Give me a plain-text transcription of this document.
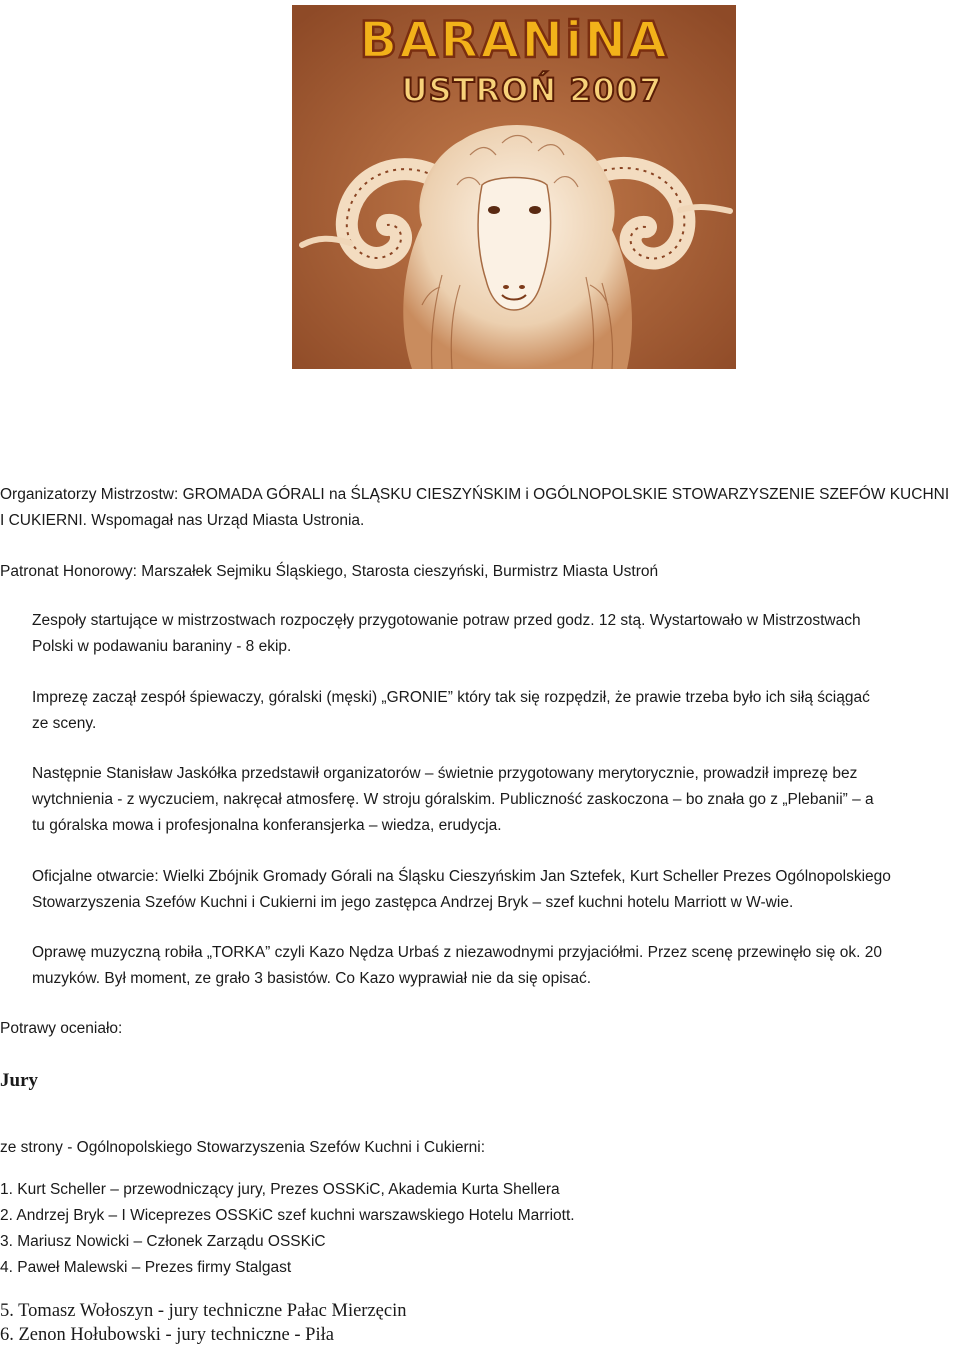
BARANiNA
USTROŃ 2007
Organizatorzy Mistrzostw: GROMADA GÓRALI na ŚLĄSKU CIESZYŃSKIM i OGÓLNOPOLSKIE STOWARZYSZENIE SZEFÓW KUCHNI
I CUKIERNI. Wspomagał nas Urząd Miasta Ustronia.
Patronat Honorowy: Marszałek Sejmiku Śląskiego, Starosta cieszyński, Burmistrz Miasta Ustroń
Zespoły startujące w mistrzostwach rozpoczęły przygotowanie potraw przed godz. 12 stą. Wystartowało w Mistrzostwach
Polski w podawaniu baraniny - 8 ekip.
Imprezę zaczął zespół śpiewaczy, góralski (męski) „GRONIE” który tak się rozpędził, że prawie trzeba było ich siłą ściągać
ze sceny.
Następnie Stanisław Jaskółka przedstawił organizatorów – świetnie przygotowany merytorycznie, prowadził imprezę bez
wytchnienia - z wyczuciem, nakręcał atmosferę. W stroju góralskim. Publiczność zaskoczona – bo znała go z „Plebanii” – a
tu góralska mowa i profesjonalna konferansjerka – wiedza, erudycja.
Oficjalne otwarcie: Wielki Zbójnik Gromady Górali na Śląsku Cieszyńskim Jan Sztefek, Kurt Scheller Prezes Ogólnopolskiego
Stowarzyszenia Szefów Kuchni i Cukierni im jego zastępca Andrzej Bryk – szef kuchni hotelu Marriott w W-wie.
Oprawę muzyczną robiła „TORKA” czyli Kazo Nędza Urbaś z niezawodnymi przyjaciółmi. Przez scenę przewinęło się ok. 20
muzyków. Był moment, ze grało 3 basistów. Co Kazo wyprawiał nie da się opisać.
Potrawy oceniało:
Jury
ze strony - Ogólnopolskiego Stowarzyszenia Szefów Kuchni i Cukierni:
1. Kurt Scheller – przewodniczący jury, Prezes OSSKiC, Akademia Kurta Shellera
2. Andrzej Bryk – I Wiceprezes OSSKiC szef kuchni warszawskiego Hotelu Marriott.
3. Mariusz Nowicki – Członek Zarządu OSSKiC
4. Paweł Malewski – Prezes firmy Stalgast
5. Tomasz Wołoszyn - jury techniczne Pałac Mierzęcin
6. Zenon Hołubowski - jury techniczne - Piła
